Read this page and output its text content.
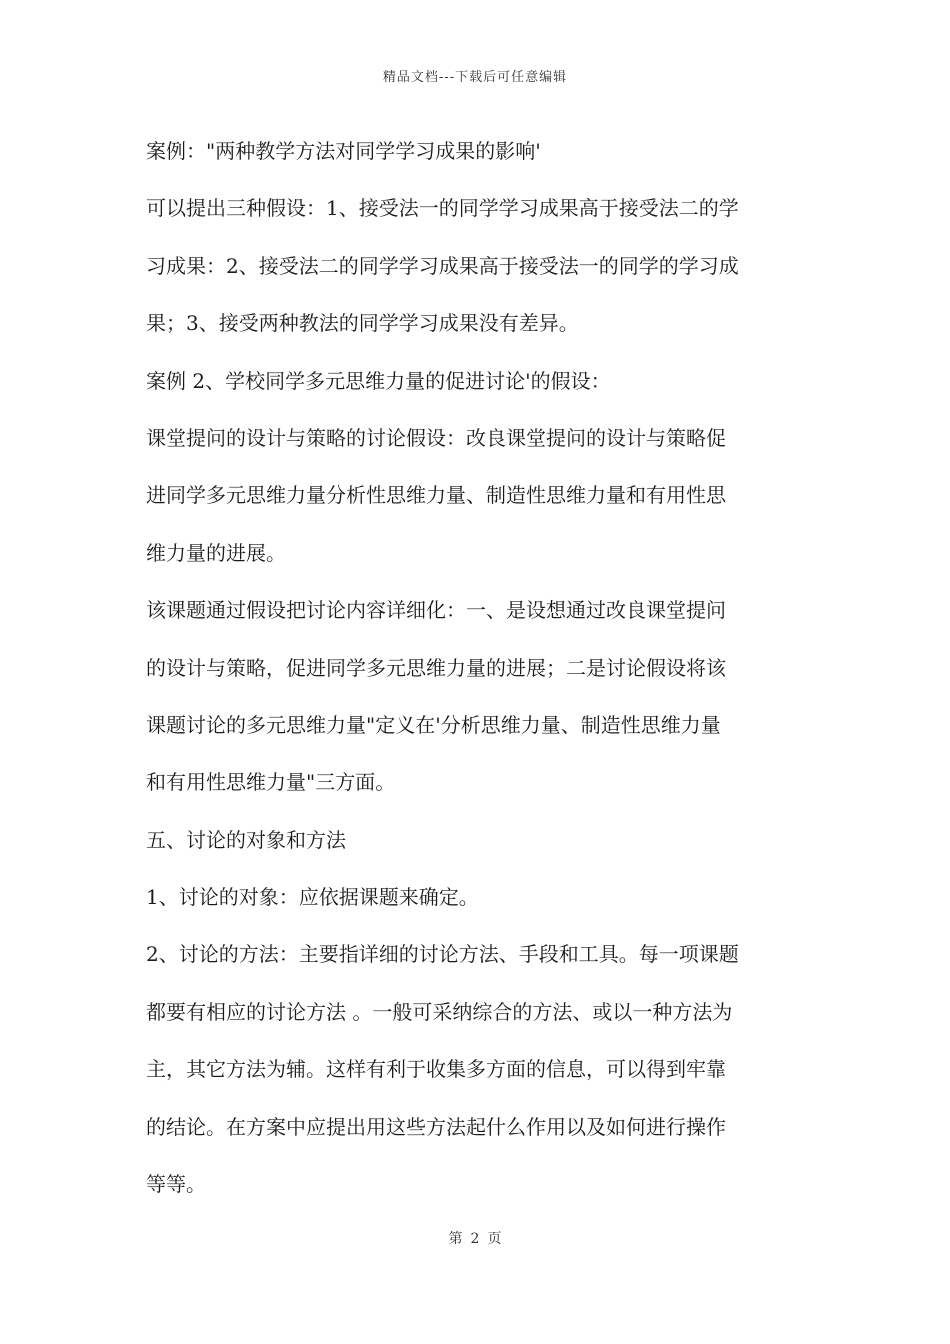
精品文档---下载后可任意编辑
案例："两种教学方法对同学学习成果的影响'
可以提出三种假设：1、接受法一的同学学习成果高于接受法二的学
习成果：2、接受法二的同学学习成果高于接受法一的同学的学习成
果；3、接受两种教法的同学学习成果没有差异。
案例 2、学校同学多元思维力量的促进讨论'的假设：
课堂提问的设计与策略的讨论假设：改良课堂提问的设计与策略促
进同学多元思维力量分析性思维力量、制造性思维力量和有用性思
维力量的进展。
该课题通过假设把讨论内容详细化：一、是设想通过改良课堂提问
的设计与策略，促进同学多元思维力量的进展；二是讨论假设将该
课题讨论的多元思维力量"定义在'分析思维力量、制造性思维力量
和有用性思维力量"三方面。
五、讨论的对象和方法
1、讨论的对象：应依据课题来确定。
2、讨论的方法：主要指详细的讨论方法、手段和工具。每一项课题
都要有相应的讨论方法 。一般可采纳综合的方法、或以一种方法为
主，其它方法为辅。这样有利于收集多方面的信息，可以得到牢靠
的结论。在方案中应提出用这些方法起什么作用以及如何进行操作
等等。
第 2 页
